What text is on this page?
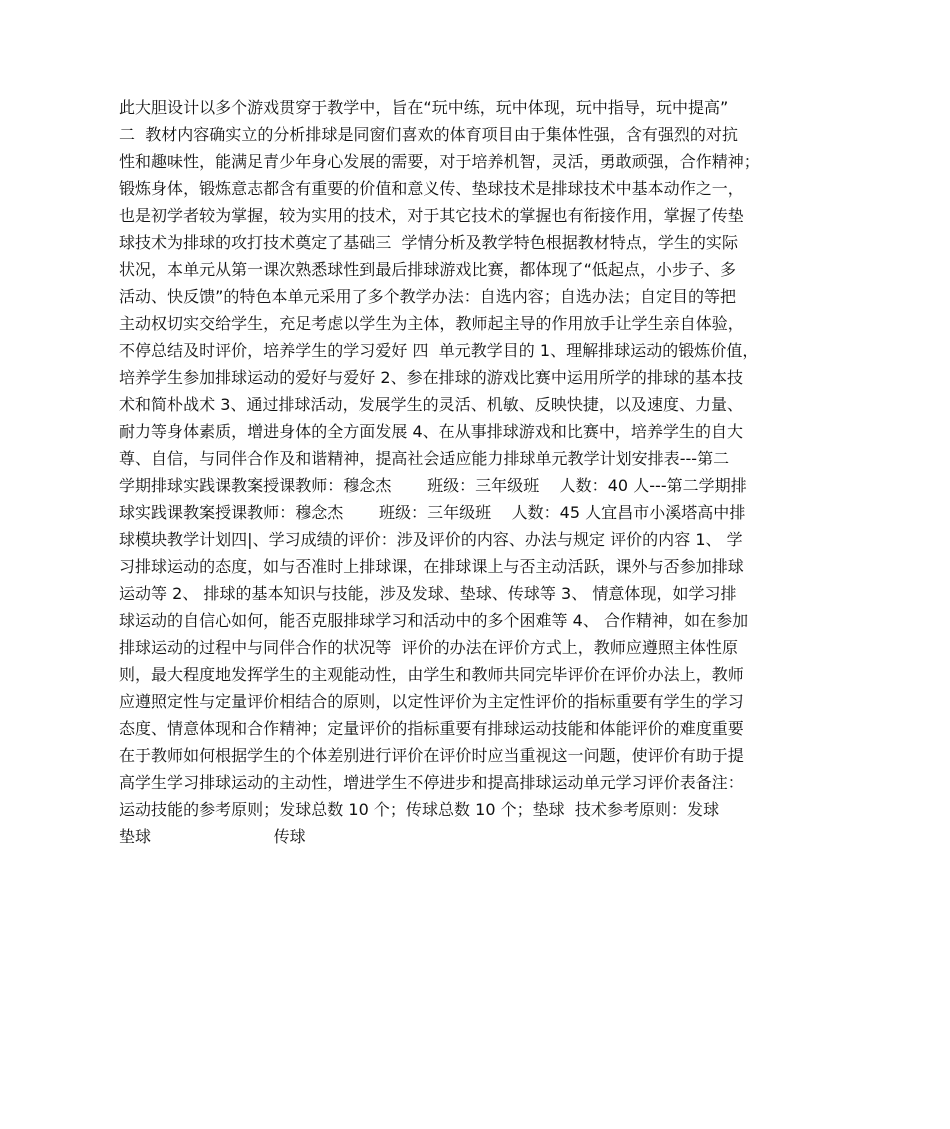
此大胆设计以多个游戏贯穿于教学中，旨在“玩中练，玩中体现，玩中指导，玩中提高”
二  教材内容确实立的分析排球是同窗们喜欢的体育项目由于集体性强，含有强烈的对抗
性和趣味性，能满足青少年身心发展的需要，对于培养机智，灵活，勇敢顽强，合作精神；
锻炼身体，锻炼意志都含有重要的价值和意义传、垫球技术是排球技术中基本动作之一，
也是初学者较为掌握，较为实用的技术，对于其它技术的掌握也有衔接作用，掌握了传垫
球技术为排球的攻打技术奠定了基础三  学情分析及教学特色根据教材特点，学生的实际
状况，本单元从第一课次熟悉球性到最后排球游戏比赛，都体现了“低起点，小步子、多
活动、快反馈”的特色本单元采用了多个教学办法：自选内容；自选办法；自定目的等把
主动权切实交给学生，充足考虑以学生为主体，教师起主导的作用放手让学生亲自体验，
不停总结及时评价，培养学生的学习爱好 四  单元教学目的 1、理解排球运动的锻炼价值，
培养学生参加排球运动的爱好与爱好 2、参在排球的游戏比赛中运用所学的排球的基本技
术和简朴战术 3、通过排球活动，发展学生的灵活、机敏、反映快捷，以及速度、力量、
耐力等身体素质，增进身体的全方面发展 4、在从事排球游戏和比赛中，培养学生的自大
尊、自信，与同伴合作及和谐精神，提高社会适应能力排球单元教学计划安排表---第二
学期排球实践课教案授课教师：穆念杰       班级：三年级班    人数：40 人---第二学期排
球实践课教案授课教师：穆念杰       班级：三年级班    人数：45 人宜昌市小溪塔高中排
球模块教学计划四|、学习成绩的评价：涉及评价的内容、办法与规定 评价的内容 1、 学
习排球运动的态度，如与否准时上排球课，在排球课上与否主动活跃，课外与否参加排球
运动等 2、 排球的基本知识与技能，涉及发球、垫球、传球等 3、 情意体现，如学习排
球运动的自信心如何，能否克服排球学习和活动中的多个困难等 4、 合作精神，如在参加
排球运动的过程中与同伴合作的状况等  评价的办法在评价方式上，教师应遵照主体性原
则，最大程度地发挥学生的主观能动性，由学生和教师共同完毕评价在评价办法上，教师
应遵照定性与定量评价相结合的原则，以定性评价为主定性评价的指标重要有学生的学习
态度、情意体现和合作精神；定量评价的指标重要有排球运动技能和体能评价的难度重要
在于教师如何根据学生的个体差别进行评价在评价时应当重视这一问题，使评价有助于提
高学生学习排球运动的主动性，增进学生不停进步和提高排球运动单元学习评价表备注：
运动技能的参考原则；发球总数 10 个；传球总数 10 个；垫球  技术参考原则：发球
垫球                        传球
